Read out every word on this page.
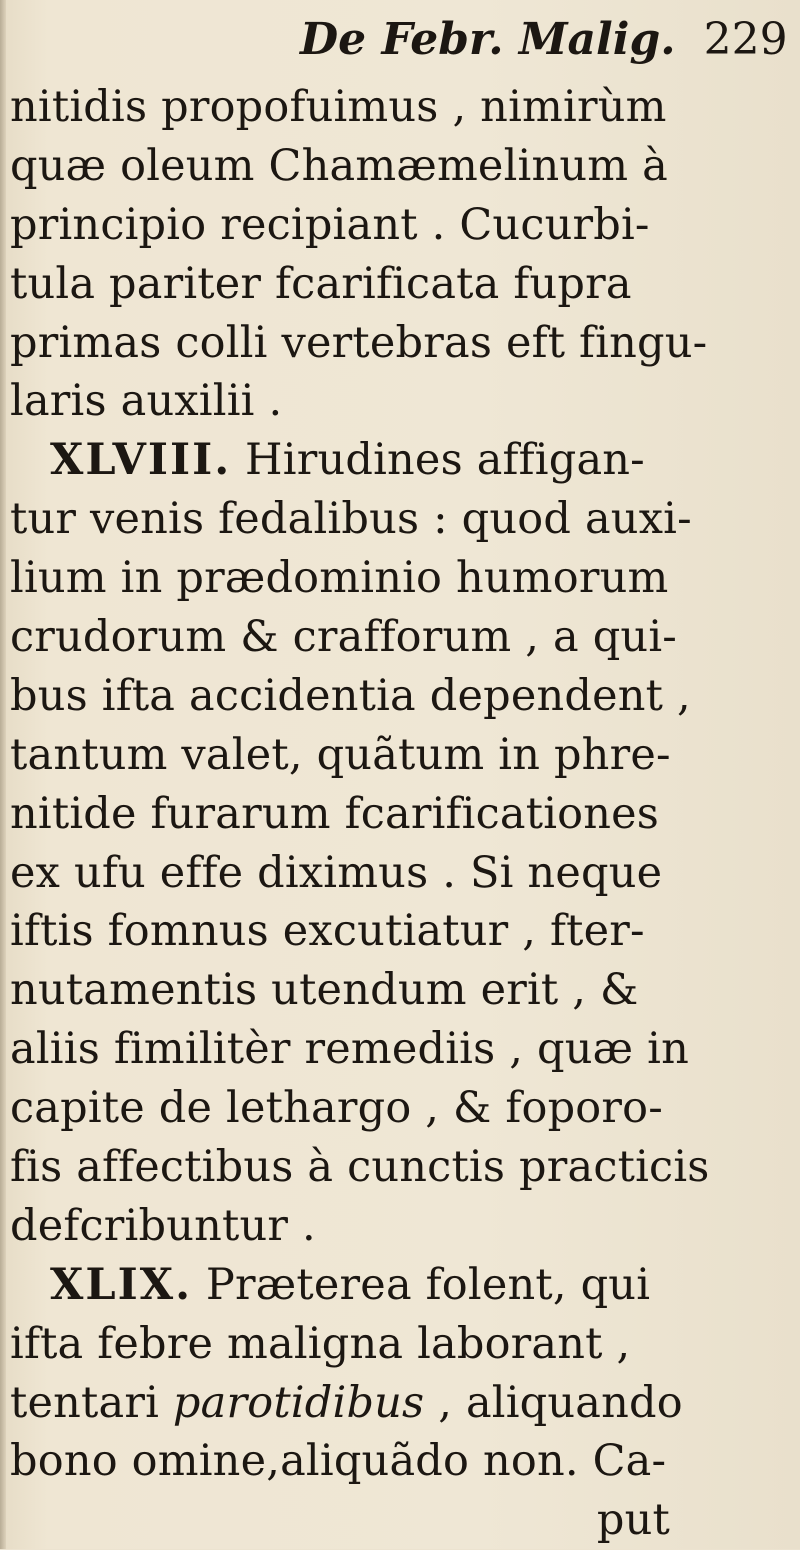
De Febr. Malig. 229
nitidis propofuimus , nimirùm
quæ oleum Chamæmelinum à
principio recipiant . Cucurbi-
tula pariter fcarificata fupra
primas colli vertebras eft fingu-
laris auxilii .
XLVIII. Hirudines affigan-
tur venis fedalibus : quod auxi-
lium in prædominio humorum
crudorum & crafforum , a qui-
bus ifta accidentia dependent ,
tantum valet, quãtum in phre-
nitide furarum fcarificationes
ex ufu effe diximus . Si neque
iftis fomnus excutiatur , fter-
nutamentis utendum erit , &
aliis fimilitèr remediis , quæ in
capite de lethargo , & foporo-
fis affectibus à cunctis practicis
defcribuntur .
XLIX. Præterea folent, qui
ifta febre maligna laborant ,
tentari parotidibus , aliquando
bono omine,aliquãdo non. Ca-
put
